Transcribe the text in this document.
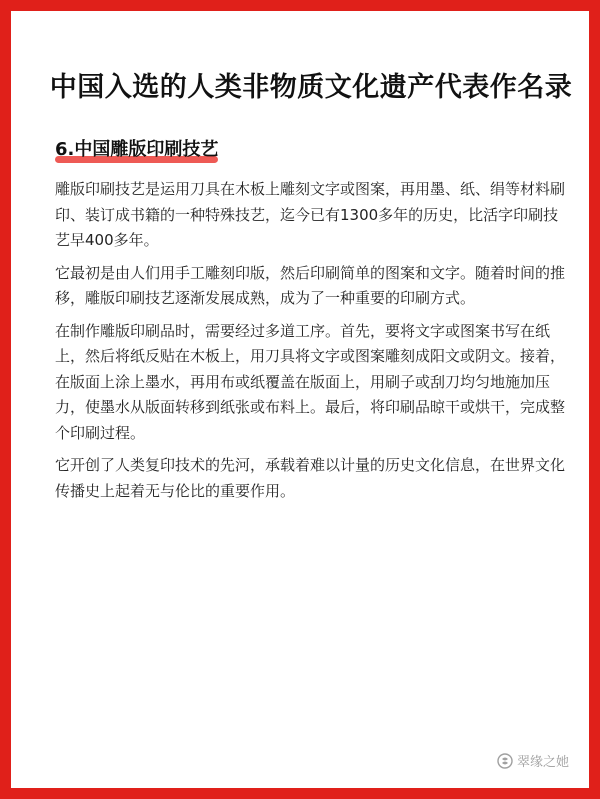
中国入选的人类非物质文化遗产代表作名录
6.中国雕版印刷技艺

雕版印刷技艺是运用刀具在木板上雕刻文字或图案，再用墨、纸、绢等材料刷印、装订成书籍的一种特殊技艺，迄今已有1300多年的历史，比活字印刷技艺早400多年。

它最初是由人们用手工雕刻印版，然后印刷简单的图案和文字。随着时间的推移，雕版印刷技艺逐渐发展成熟，成为了一种重要的印刷方式。

在制作雕版印刷品时，需要经过多道工序。首先，要将文字或图案书写在纸上，然后将纸反贴在木板上，用刀具将文字或图案雕刻成阳文或阴文。接着，在版面上涂上墨水，再用布或纸覆盖在版面上，用刷子或刮刀均匀地施加压力，使墨水从版面转移到纸张或布料上。最后，将印刷品晾干或烘干，完成整个印刷过程。

它开创了人类复印技术的先河，承载着难以计量的历史文化信息，在世界文化传播史上起着无与伦比的重要作用。

翠缘之她
